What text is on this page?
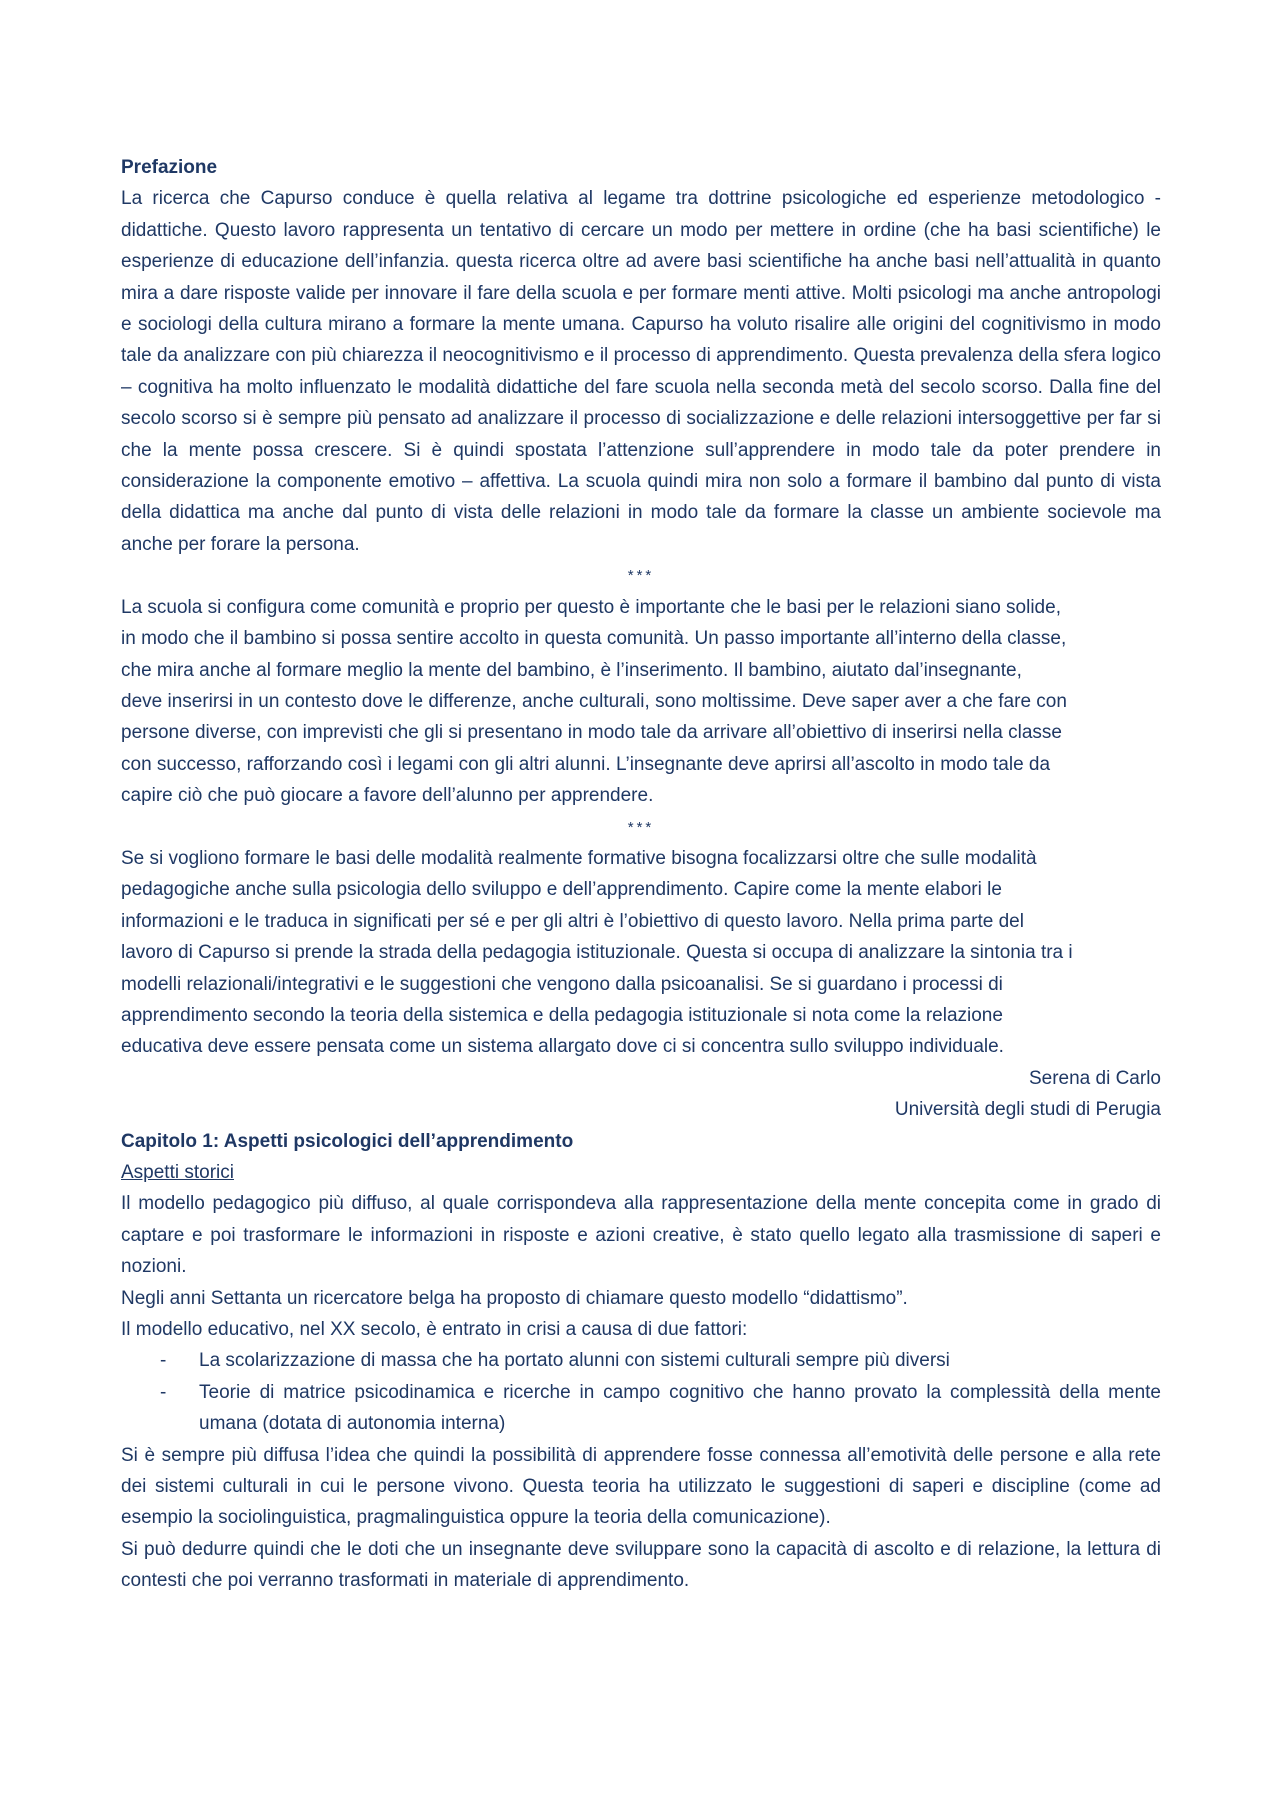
Prefazione

La ricerca che Capurso conduce è quella relativa al legame tra dottrine psicologiche ed esperienze metodologico - didattiche. Questo lavoro rappresenta un tentativo di cercare un modo per mettere in ordine (che ha basi scientifiche) le esperienze di educazione dell’infanzia. questa ricerca oltre ad avere basi scientifiche ha anche basi nell’attualità in quanto mira a dare risposte valide per innovare il fare della scuola e per formare menti attive. Molti psicologi ma anche antropologi e sociologi della cultura mirano a formare la mente umana. Capurso ha voluto risalire alle origini del cognitivismo in modo tale da analizzare con più chiarezza il neocognitivismo e il processo di apprendimento. Questa prevalenza della sfera logico – cognitiva ha molto influenzato le modalità didattiche del fare scuola nella seconda metà del secolo scorso. Dalla fine del secolo scorso si è sempre più pensato ad analizzare il processo di socializzazione e delle relazioni intersoggettive per far si che la mente possa crescere. Si è quindi spostata l’attenzione sull’apprendere in modo tale da poter prendere in considerazione la componente emotivo – affettiva. La scuola quindi mira non solo a formare il bambino dal punto di vista della didattica ma anche dal punto di vista delle relazioni in modo tale da formare la classe un ambiente socievole ma anche per forare la persona.

***

La scuola si configura come comunità e proprio per questo è importante che le basi per le relazioni siano solide,
in modo che il bambino si possa sentire accolto in questa comunità. Un passo importante all’interno della classe,
che mira anche al formare meglio la mente del bambino, è l’inserimento. Il bambino, aiutato dal’insegnante,
deve inserirsi in un contesto dove le differenze, anche culturali, sono moltissime. Deve saper aver a che fare con
persone diverse, con imprevisti che gli si presentano in modo tale da arrivare all’obiettivo di inserirsi nella classe
con successo, rafforzando così i legami con gli altri alunni. L’insegnante deve aprirsi all’ascolto in modo tale da
capire ciò che può giocare a favore dell’alunno per apprendere.

***

Se si vogliono formare le basi delle modalità realmente formative bisogna focalizzarsi oltre che sulle modalità
pedagogiche anche sulla psicologia dello sviluppo e dell’apprendimento. Capire come la mente elabori le
informazioni e le traduca in significati per sé e per gli altri è l’obiettivo di questo lavoro. Nella prima parte del
lavoro di Capurso si prende la strada della pedagogia istituzionale. Questa si occupa di analizzare la sintonia tra i
modelli relazionali/integrativi e le suggestioni che vengono dalla psicoanalisi. Se si guardano i processi di
apprendimento secondo la teoria della sistemica e della pedagogia istituzionale si nota come la relazione
educativa deve essere pensata come un sistema allargato dove ci si concentra sullo sviluppo individuale.

Serena di Carlo

Università degli studi di Perugia

Capitolo 1: Aspetti psicologici dell’apprendimento

Aspetti storici

Il modello pedagogico più diffuso, al quale corrispondeva alla rappresentazione della mente concepita come in grado di captare e poi trasformare le informazioni in risposte e azioni creative, è stato quello legato alla trasmissione di saperi e nozioni.

Negli anni Settanta un ricercatore belga ha proposto di chiamare questo modello “didattismo”.

Il modello educativo, nel XX secolo, è entrato in crisi a causa di due fattori:

- La scolarizzazione di massa che ha portato alunni con sistemi culturali sempre più diversi
- Teorie di matrice psicodinamica e ricerche in campo cognitivo che hanno provato la complessità della mente umana (dotata di autonomia interna)

Si è sempre più diffusa l’idea che quindi la possibilità di apprendere fosse connessa all’emotività delle persone e alla rete dei sistemi culturali in cui le persone vivono. Questa teoria ha utilizzato le suggestioni di saperi e discipline (come ad esempio la sociolinguistica, pragmalinguistica oppure la teoria della comunicazione).

Si può dedurre quindi che le doti che un insegnante deve sviluppare sono la capacità di ascolto e di relazione, la lettura di contesti che poi verranno trasformati in materiale di apprendimento.
